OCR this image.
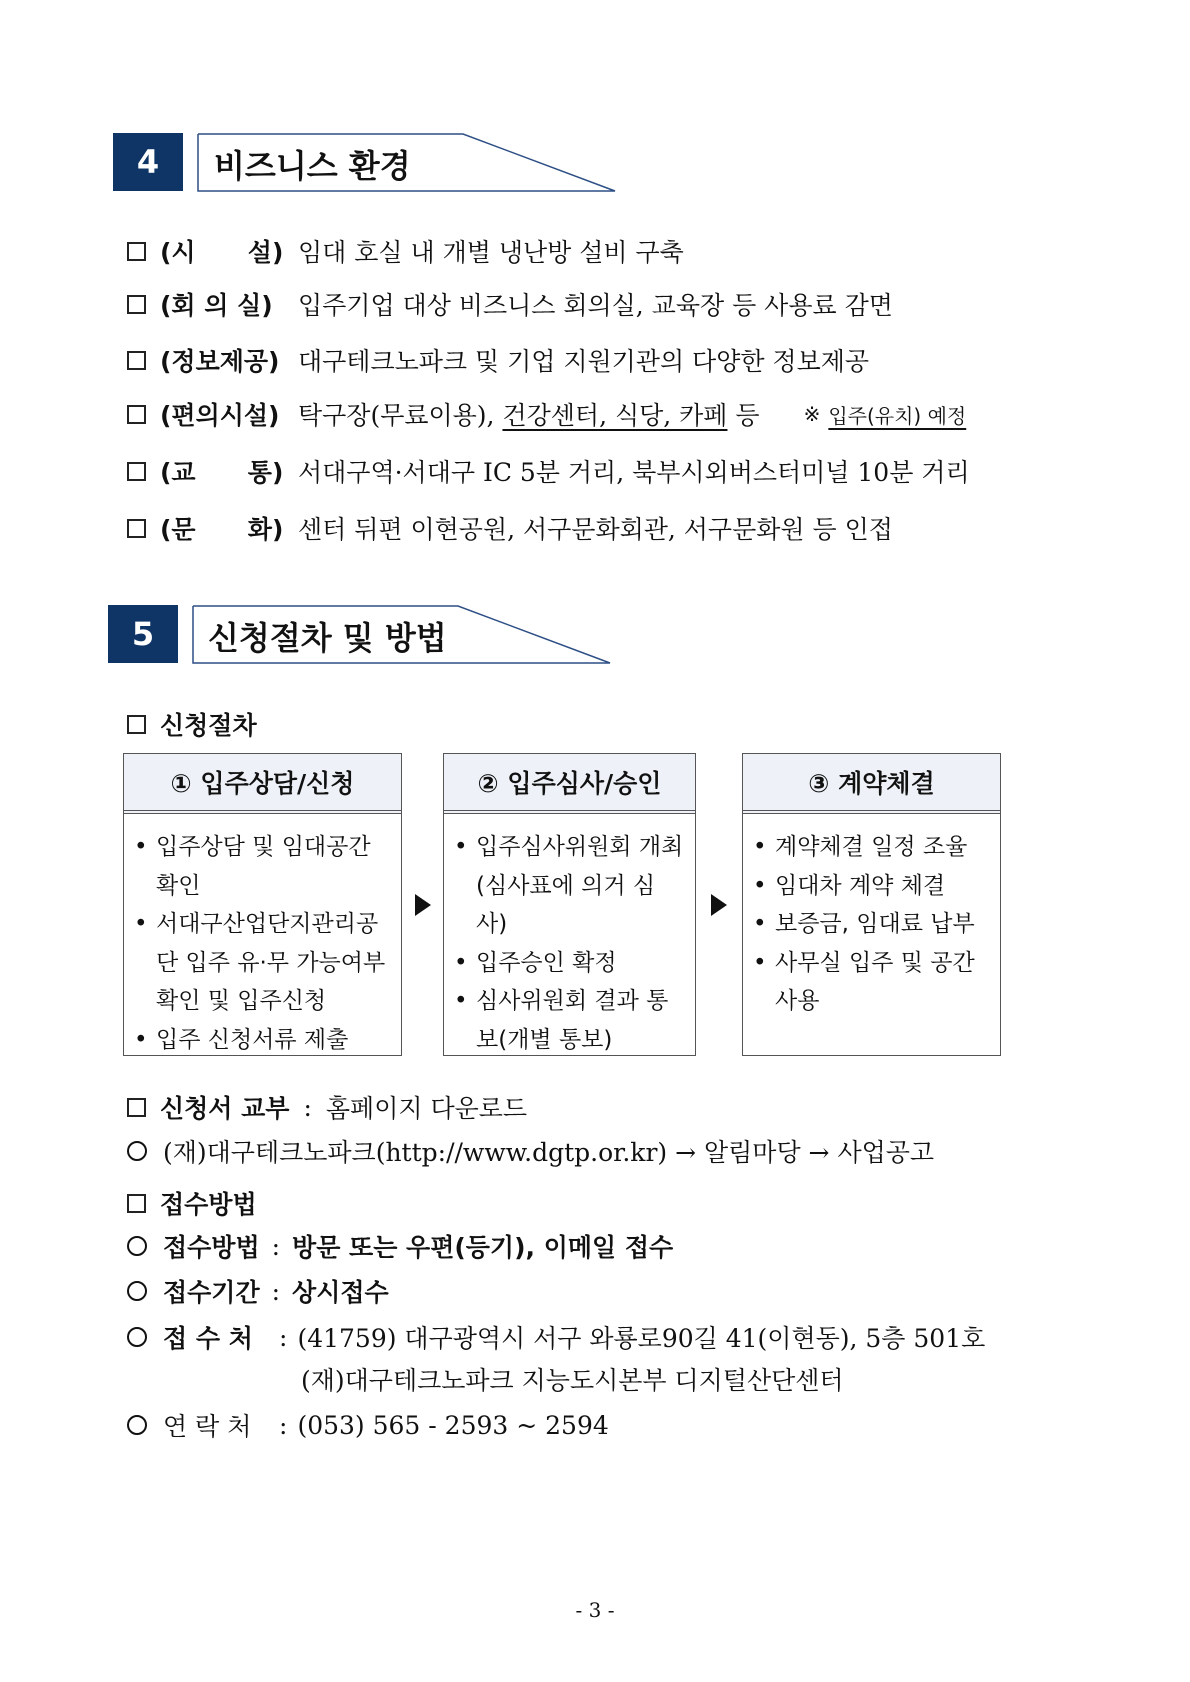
4	비즈니스 환경
(시      설) 임대 호실 내 개별 냉난방 설비 구축
(회 의 실)	입주기업 대상 비즈니스 회의실, 교육장 등 사용료 감면
(정보제공) 대구테크노파크 및 기업 지원기관의 다양한 정보제공
(편의시설) 탁구장(무료이용),
건강센터, 식당, 카페
등 ※ 입주(유치) 예정
(교      통) 서대구역·서대구 IC 5분 거리, 북부시외버스터미널 10분 거리
(문      화) 센터 뒤편 이현공원, 서구문화회관, 서구문화원 등 인접
5	신청절차 및 방법
신청절차
① 입주상담/신청
• 입주상담 및 임대공간 확인
• 서대구산업단지관리공단 입주 유·무 가능여부 확인 및 입주신청
• 입주 신청서류 제출
② 입주심사/승인
• 입주심사위원회 개최 (심사표에 의거 심사)
• 입주승인 확정
• 심사위원회 결과 통보(개별 통보)
③ 계약체결
• 계약체결 일정 조율
• 임대차 계약 체결
• 보증금, 임대료 납부
• 사무실 입주 및 공간 사용
신청서 교부 : 홈페이지 다운로드
(재)대구테크노파크(http://www.dgtp.or.kr) → 알림마당 → 사업공고
접수방법
접수방법 : 방문 또는 우편(등기), 이메일 접수
접수기간 : 상시접수
접 수 처	: (41759) 대구광역시 서구 와룡로90길 41(이현동), 5층 501호
(재)대구테크노파크 지능도시본부 디지털산단센터
연 락 처	: (053) 565 - 2593 ~ 2594
- 3 -
